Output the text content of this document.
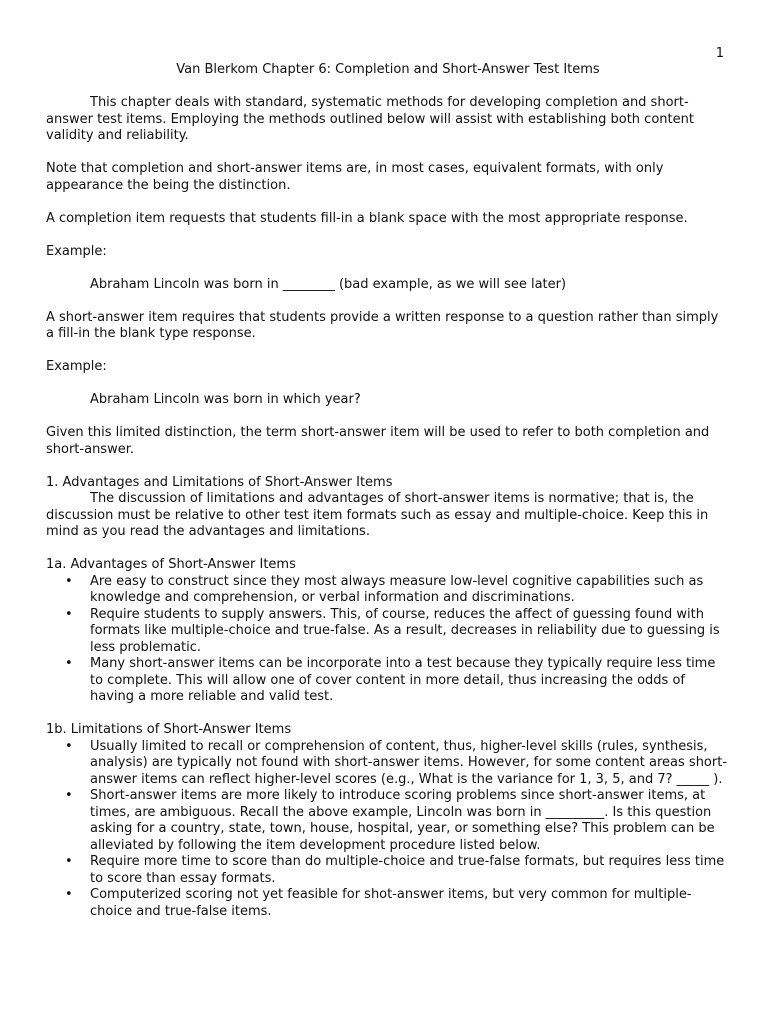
1
Van Blerkom Chapter 6: Completion and Short-Answer Test Items

This chapter deals with standard, systematic methods for developing completion and short-answer test items. Employing the methods outlined below will assist with establishing both content validity and reliability.

Note that completion and short-answer items are, in most cases, equivalent formats, with only appearance the being the distinction.

A completion item requests that students fill-in a blank space with the most appropriate response.

Example:

Abraham Lincoln was born in ________ (bad example, as we will see later)

A short-answer item requires that students provide a written response to a question rather than simply a fill-in the blank type response.

Example:

Abraham Lincoln was born in which year?

Given this limited distinction, the term short-answer item will be used to refer to both completion and short-answer.

1. Advantages and Limitations of Short-Answer Items

The discussion of limitations and advantages of short-answer items is normative; that is, the discussion must be relative to other test item formats such as essay and multiple-choice. Keep this in mind as you read the advantages and limitations.

1a. Advantages of Short-Answer Items
• Are easy to construct since they most always measure low-level cognitive capabilities such as knowledge and comprehension, or verbal information and discriminations.
• Require students to supply answers. This, of course, reduces the affect of guessing found with formats like multiple-choice and true-false. As a result, decreases in reliability due to guessing is less problematic.
• Many short-answer items can be incorporate into a test because they typically require less time to complete. This will allow one of cover content in more detail, thus increasing the odds of having a more reliable and valid test.
1b. Limitations of Short-Answer Items
• Usually limited to recall or comprehension of content, thus, higher-level skills (rules, synthesis, analysis) are typically not found with short-answer items. However, for some content areas short-answer items can reflect higher-level scores (e.g., What is the variance for 1, 3, 5, and 7? _____ ).
• Short-answer items are more likely to introduce scoring problems since short-answer items, at times, are ambiguous. Recall the above example, Lincoln was born in _________. Is this question asking for a country, state, town, house, hospital, year, or something else? This problem can be alleviated by following the item development procedure listed below.
• Require more time to score than do multiple-choice and true-false formats, but requires less time to score than essay formats.
• Computerized scoring not yet feasible for shot-answer items, but very common for multiple-choice and true-false items.
